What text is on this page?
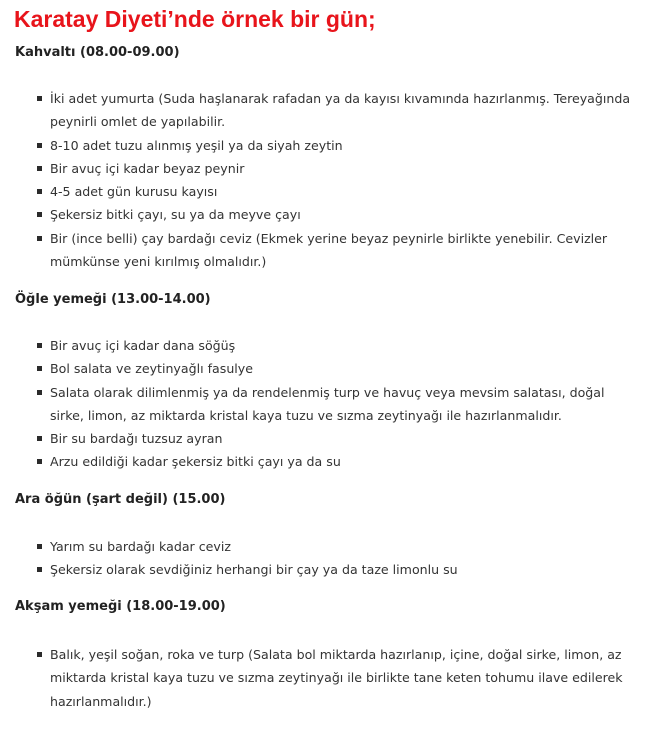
Karatay Diyeti’nde örnek bir gün;
Kahvaltı (08.00-09.00)
İki adet yumurta (Suda haşlanarak rafadan ya da kayısı kıvamında hazırlanmış. Tereyağında peynirli omlet de yapılabilir.
8-10 adet tuzu alınmış yeşil ya da siyah zeytin
Bir avuç içi kadar beyaz peynir
4-5 adet gün kurusu kayısı
Şekersiz bitki çayı, su ya da meyve çayı
Bir (ince belli) çay bardağı ceviz (Ekmek yerine beyaz peynirle birlikte yenebilir. Cevizler mümkünse yeni kırılmış olmalıdır.)
Öğle yemeği (13.00-14.00)
Bir avuç içi kadar dana söğüş
Bol salata ve zeytinyağlı fasulye
Salata olarak dilimlenmiş ya da rendelenmiş turp ve havuç veya mevsim salatası, doğal sirke, limon, az miktarda kristal kaya tuzu ve sızma zeytinyağı ile hazırlanmalıdır.
Bir su bardağı tuzsuz ayran
Arzu edildiği kadar şekersiz bitki çayı ya da su
Ara öğün (şart değil) (15.00)
Yarım su bardağı kadar ceviz
Şekersiz olarak sevdiğiniz herhangi bir çay ya da taze limonlu su
Akşam yemeği (18.00-19.00)
Balık, yeşil soğan, roka ve turp (Salata bol miktarda hazırlanıp, içine, doğal sirke, limon, az miktarda kristal kaya tuzu ve sızma zeytinyağı ile birlikte tane keten tohumu ilave edilerek hazırlanmalıdır.)
